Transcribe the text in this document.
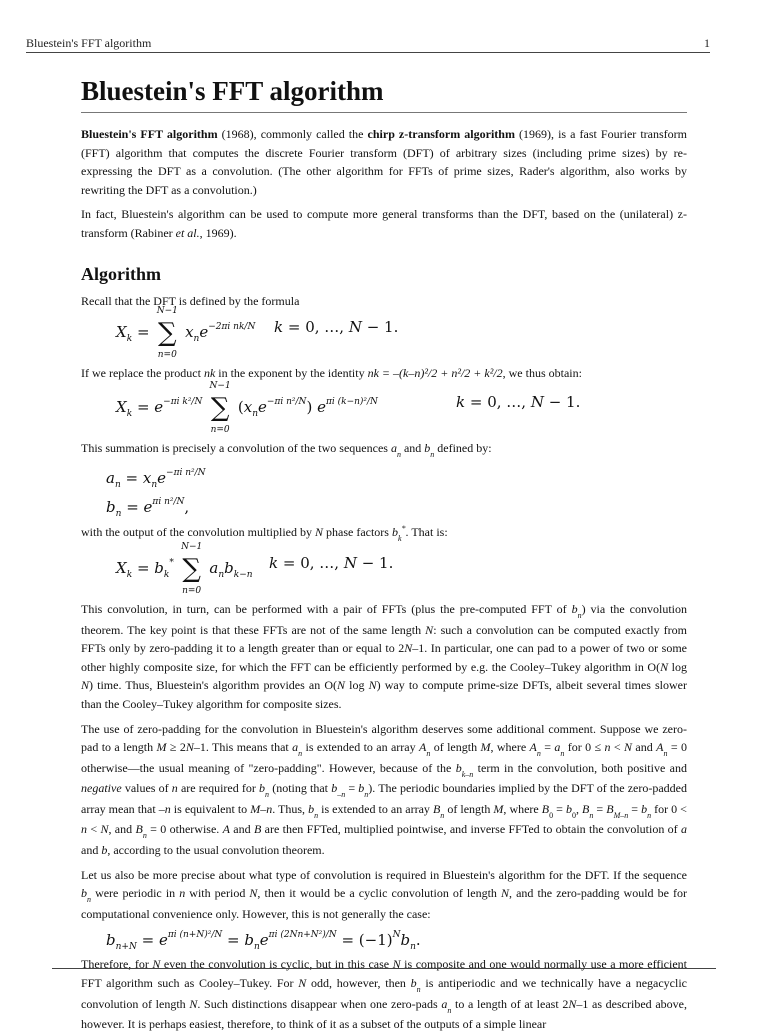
Bluestein's FFT algorithm	1
Bluestein's FFT algorithm

Bluestein's FFT algorithm (1968), commonly called the chirp z-transform algorithm (1969), is a fast Fourier transform (FFT) algorithm that computes the discrete Fourier transform (DFT) of arbitrary sizes (including prime sizes) by re-expressing the DFT as a convolution. (The other algorithm for FFTs of prime sizes, Rader's algorithm, also works by rewriting the DFT as a convolution.)

In fact, Bluestein's algorithm can be used to compute more general transforms than the DFT, based on the (unilateral) z-transform (Rabiner et al., 1969).

Algorithm

Recall that the DFT is defined by the formula

$X_k$ =
N−1
∑
n=0
$x_ne^{-2\pi i nk/N}$ k = 0, …, N − 1.

If we replace the product nk in the exponent by the identity nk = –(k–n)²/2 + n²/2 + k²/2, we thus obtain:

$X_k = e^{-\pi i k^2/N}$
N−1
∑
n=0
$(x_ne^{-\pi i n^2/N})$ $e^{\pi i (k-n)^2/N}$	k = 0, …, N − 1.

This summation is precisely a convolution of the two sequences $a_n$ and $b_n$ defined by:

$a_n = x_ne^{-\pi i n^2/N}$
$b_n = e^{\pi i n^2/N}$,

with the output of the convolution multiplied by N phase factors $b_k^*$. That is:

$X_k = b_k^*$
N−1
∑
n=0
$a_nb_{k-n}$
k = 0, …, N − 1.

This convolution, in turn, can be performed with a pair of FFTs (plus the pre-computed FFT of $b_n$) via the convolution theorem. The key point is that these FFTs are not of the same length N: such a convolution can be computed exactly from FFTs only by zero-padding it to a length greater than or equal to 2N–1. In particular, one can pad to a power of two or some other highly composite size, for which the FFT can be efficiently performed by e.g. the Cooley–Tukey algorithm in O(N log N) time. Thus, Bluestein's algorithm provides an O(N log N) way to compute prime-size DFTs, albeit several times slower than the Cooley–Tukey algorithm for composite sizes.

The use of zero-padding for the convolution in Bluestein's algorithm deserves some additional comment. Suppose we zero-pad to a length M ≥ 2N–1. This means that $a_n$ is extended to an array $A_n$ of length M, where $A_n = a_n$ for 0 ≤ n < N and $A_n = 0$ otherwise—the usual meaning of "zero-padding". However, because of the $b_{k-n}$ term in the convolution, both positive and negative values of n are required for $b_n$ (noting that $b_{-n} = b_n$). The periodic boundaries implied by the DFT of the zero-padded array mean that –n is equivalent to M–n. Thus, $b_n$ is extended to an array $B_n$ of length M, where $B_0 = b_0$, $B_n = B_{M-n} = b_n$ for 0 < n < N, and $B_n = 0$ otherwise. A and B are then FFTed, multiplied pointwise, and inverse FFTed to obtain the convolution of a and b, according to the usual convolution theorem.

Let us also be more precise about what type of convolution is required in Bluestein's algorithm for the DFT. If the sequence $b_n$ were periodic in n with period N, then it would be a cyclic convolution of length N, and the zero-padding would be for computational convenience only. However, this is not generally the case:

$b_{n+N} = e^{\pi i (n+N)^2/N} = b_ne^{\pi i (2Nn+N^2)/N} = (-1)^Nb_n$.

Therefore, for N even the convolution is cyclic, but in this case N is composite and one would normally use a more efficient FFT algorithm such as Cooley–Tukey. For N odd, however, then $b_n$ is antiperiodic and we technically have a negacyclic convolution of length N. Such distinctions disappear when one zero-pads $a_n$ to a length of at least 2N–1 as described above, however. It is perhaps easiest, therefore, to think of it as a subset of the outputs of a simple linear
